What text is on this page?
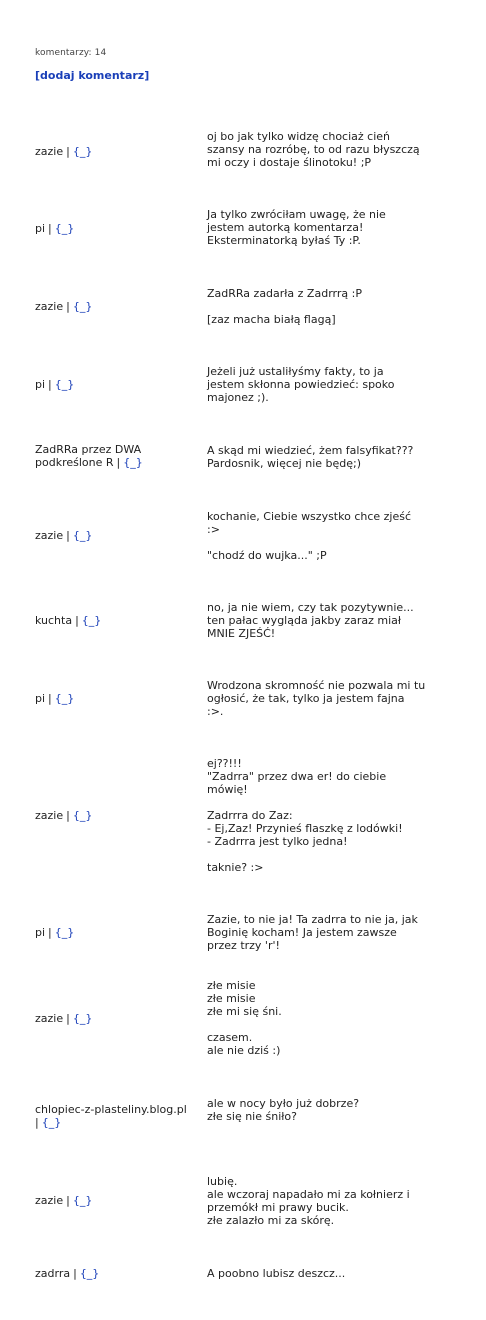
komentarzy: 14
[dodaj komentarz]
zazie | {_}

oj bo jak tylko widzę chociaż cień
szansy na rozróbę, to od razu błyszczą
mi oczy i dostaje ślinotoku! ;P

pi | {_}

Ja tylko zwróciłam uwagę, że nie
jestem autorką komentarza!
Eksterminatorką byłaś Ty :P.

zazie | {_}

ZadRRa zadarła z Zadrrrą :P

[zaz macha białą flagą]

pi | {_}

Jeżeli już ustaliłyśmy fakty, to ja
jestem skłonna powiedzieć: spoko
majonez ;).

ZadRRa przez DWA
podkreślone R | {_}

A skąd mi wiedzieć, żem falsyfikat???
Pardosnik, więcej nie będę;)

zazie | {_}

kochanie, Ciebie wszystko chce zjeść
:>

"chodź do wujka..." ;P

kuchta | {_}

no, ja nie wiem, czy tak pozytywnie...
ten pałac wygląda jakby zaraz miał
MNIE ZJEŚĆ!

pi | {_}

Wrodzona skromność nie pozwala mi tu
ogłosić, że tak, tylko ja jestem fajna
:>.

zazie | {_}

ej??!!!
"Zadrra" przez dwa er! do ciebie
mówię!

Zadrrra do Zaz:
- Ej,Zaz! Przynieś flaszkę z lodówki!
- Zadrrra jest tylko jedna!

taknie? :>

pi | {_}

Zazie, to nie ja! Ta zadrra to nie ja, jak
Boginię kocham! Ja jestem zawsze
przez trzy 'r'!

zazie | {_}

złe misie
złe misie
złe mi się śni.

czasem.
ale nie dziś :)

chlopiec-z-plasteliny.blog.pl
| {_}

ale w nocy było już dobrze?
złe się nie śniło?

zazie | {_}

lubię.
ale wczoraj napadało mi za kołnierz i
przemókł mi prawy bucik.
złe zalazło mi za skórę.

zadrra | {_}	A poobno lubisz deszcz...
